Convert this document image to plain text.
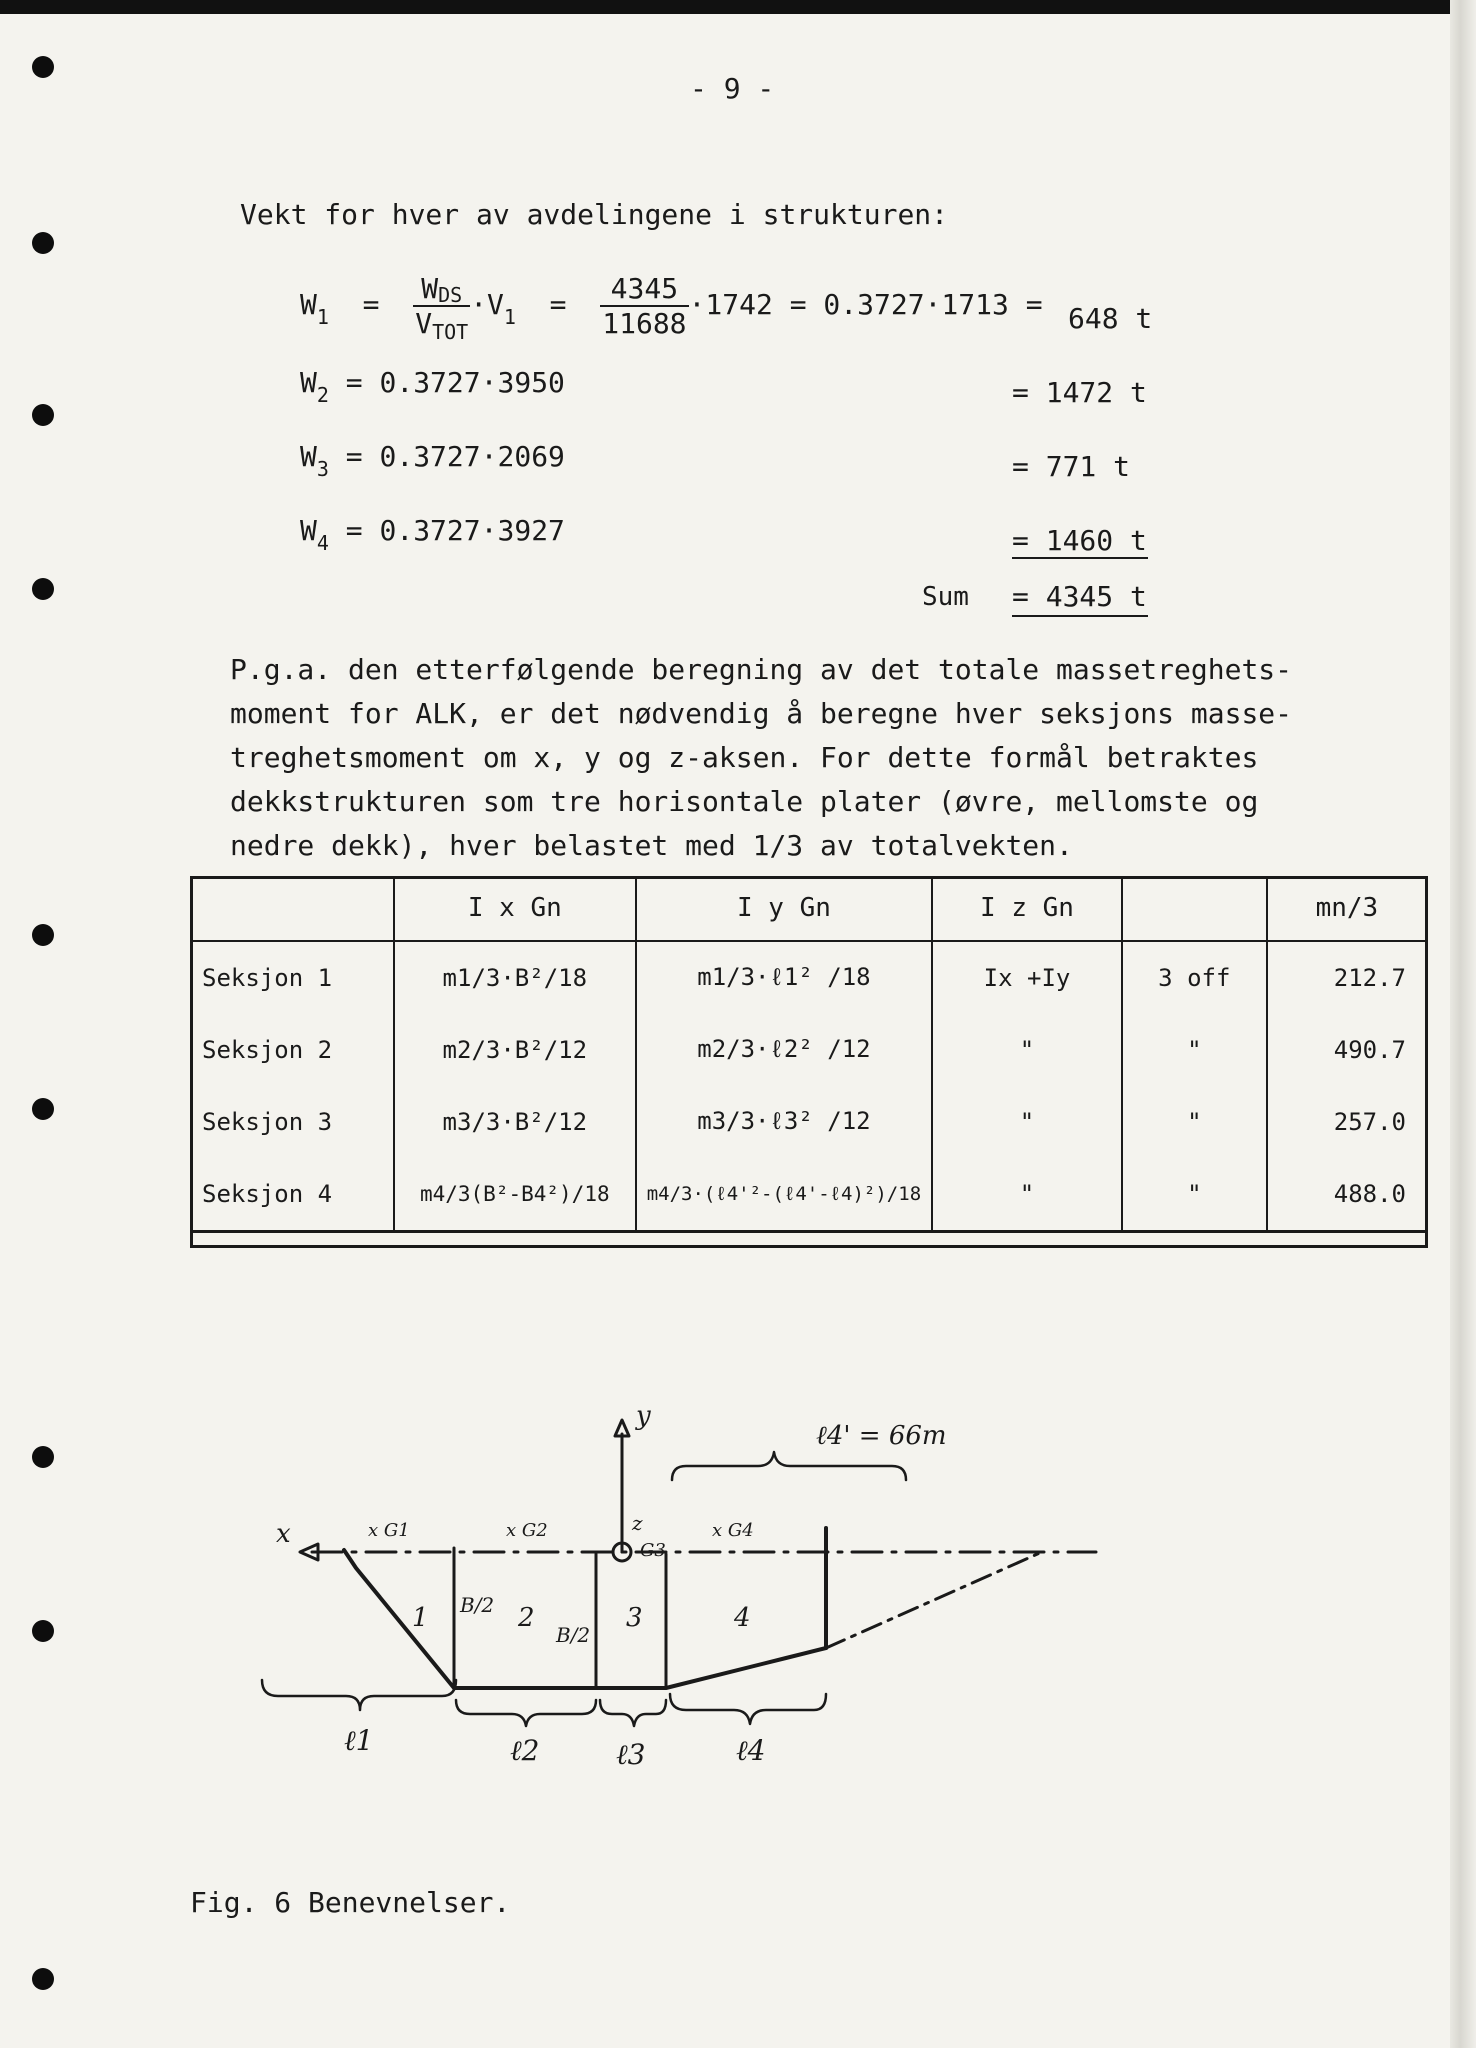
- 9 -
Vekt for hver av avdelingene i strukturen:
$W_1 = \frac{\text{WDS}}{V_{TOT}} \cdot V_1 = \frac{4345}{11688} \cdot 1742 = 0.3727\cdot 1713 = 648$ t
$W_2 = 0.3727\cdot 3950$	= 1472 t
$W_3 = 0.3727\cdot 2069$	= 771 t
$W_4 = 0.3727\cdot 3927$	= 1460 t
Sum = 4345 t
P.g.a. den etterfølgende beregning av det totale massetreghets-
moment for ALK, er det nødvendig å beregne hver seksjons masse-
treghetsmoment om x, y og z-aksen. For dette formål betraktes
dekkstrukturen som tre horisontale plater (øvre, mellomste og
nedre dekk), hver belastet med 1/3 av totalvekten.
	I x Gn	I y Gn	I z Gn		mn/3
Seksjon 1	m1/3·B²/18	m1/3·ℓ1² /18	Ix +Iy	3 off	212.7
Seksjon 2	m2/3·B²/12	m2/3·ℓ2² /12	"	"	490.7
Seksjon 3	m3/3·B²/12	m3/3·ℓ3² /12	"	"	257.0
Seksjon 4	m4/3(B²-B4²)/18	m4/3·(ℓ4'²-(ℓ4'-ℓ4)²)/18	"	"	488.0
x
y
z
ℓ4' = 66m
1	2	3	4
x G1	x G2
G3
x G4
B/2
B/2
ℓ1	ℓ2	ℓ3	ℓ4
Fig. 6 Benevnelser.
